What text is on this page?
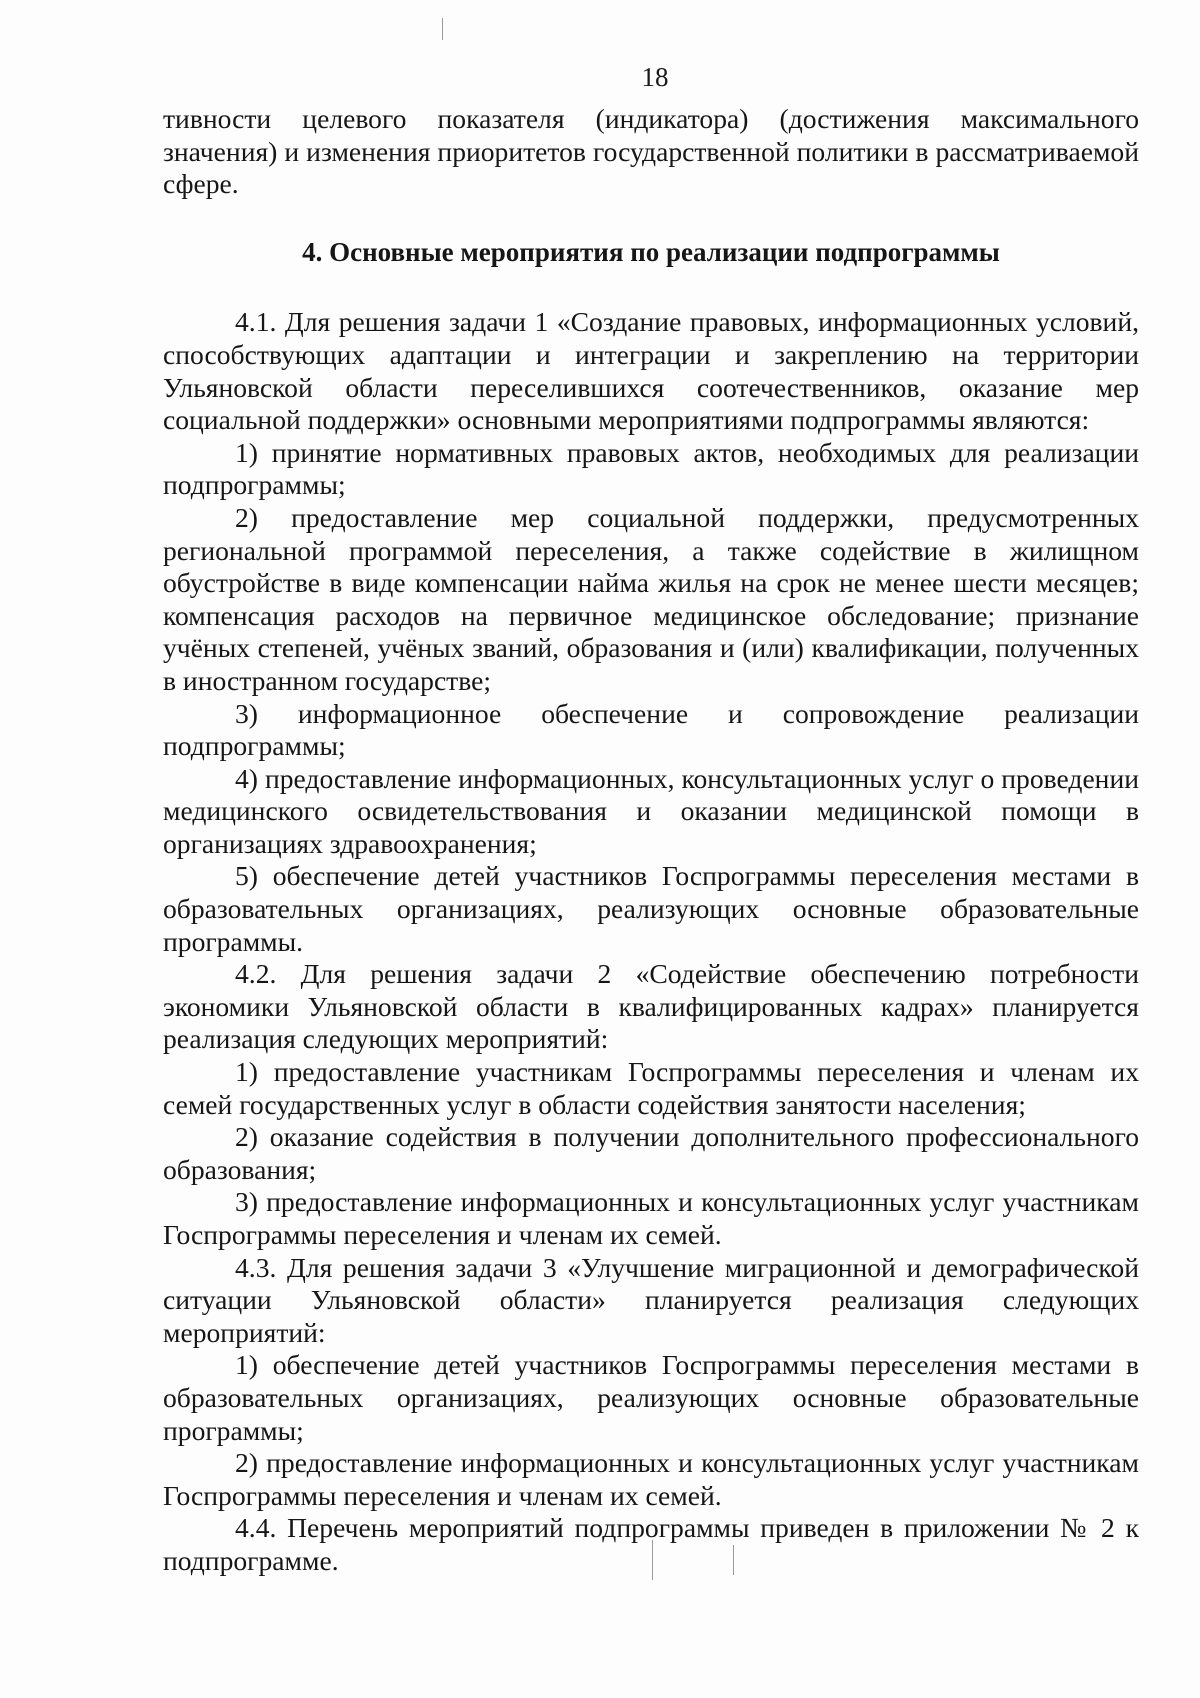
18

тивности целевого показателя (индикатора) (достижения максимального значения) и изменения приоритетов государственной политики в рассматриваемой сфере.

4. Основные мероприятия по реализации подпрограммы

4.1. Для решения задачи 1 «Создание правовых, информационных условий, способствующих адаптации и интеграции и закреплению на территории Ульяновской области переселившихся соотечественников, оказание мер социальной поддержки» основными мероприятиями подпрограммы являются:

1) принятие нормативных правовых актов, необходимых для реализации подпрограммы;

2) предоставление мер социальной поддержки, предусмотренных региональной программой переселения, а также содействие в жилищном обустройстве в виде компенсации найма жилья на срок не менее шести месяцев; компенсация расходов на первичное медицинское обследование; признание учёных степеней, учёных званий, образования и (или) квалификации, полученных в иностранном государстве;

3) информационное обеспечение и сопровождение реализации подпрограммы;

4) предоставление информационных, консультационных услуг о проведении медицинского освидетельствования и оказании медицинской помощи в организациях здравоохранения;

5) обеспечение детей участников Госпрограммы переселения местами в образовательных организациях, реализующих основные образовательные программы.

4.2. Для решения задачи 2 «Содействие обеспечению потребности экономики Ульяновской области в квалифицированных кадрах» планируется реализация следующих мероприятий:

1) предоставление участникам Госпрограммы переселения и членам их семей государственных услуг в области содействия занятости населения;

2) оказание содействия в получении дополнительного профессионального образования;

3) предоставление информационных и консультационных услуг участникам Госпрограммы переселения и членам их семей.

4.3. Для решения задачи 3 «Улучшение миграционной и демографической ситуации Ульяновской области» планируется реализация следующих мероприятий:

1) обеспечение детей участников Госпрограммы переселения местами в образовательных организациях, реализующих основные образовательные программы;

2) предоставление информационных и консультационных услуг участникам Госпрограммы переселения и членам их семей.

4.4. Перечень мероприятий подпрограммы приведен в приложении № 2 к подпрограмме.
